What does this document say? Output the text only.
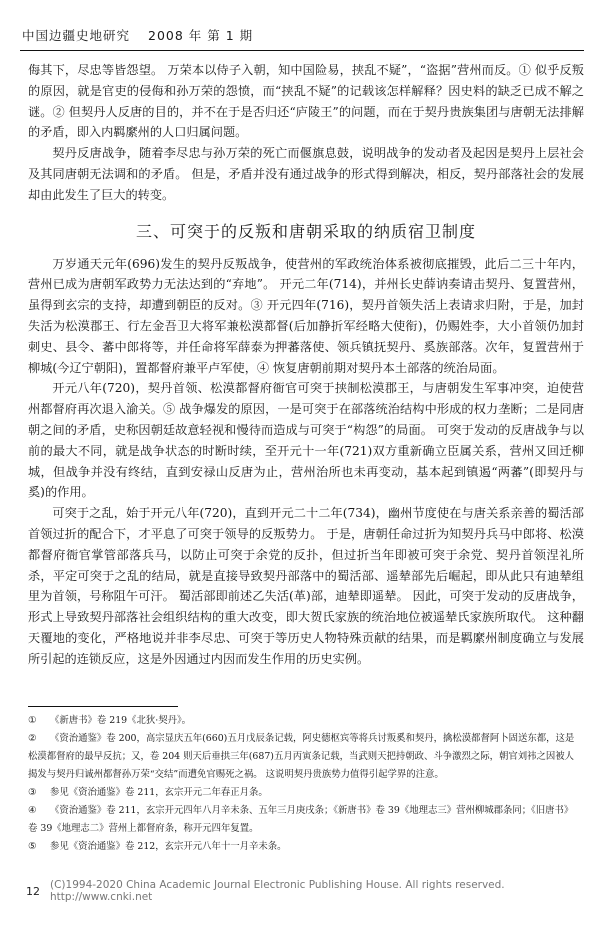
中国边疆史地研究 2008 年 第 1 期

侮其下，尽忠等皆怨望。 万荣本以侍子入朝，知中国险易，挟乱不疑”，“盗据”营州而反。① 似乎反叛的原因，就是官吏的侵侮和孙万荣的怨愤，而“挟乱不疑”的记载该怎样解释？因史料的缺乏已成不解之谜。② 但契丹人反唐的目的，并不在于是否归还“庐陵王”的问题，而在于契丹贵族集团与唐朝无法排解的矛盾，即入内羁縻州的人口归属问题。

契丹反唐战争，随着李尽忠与孙万荣的死亡而偃旗息鼓，说明战争的发动者及起因是契丹上层社会及其同唐朝无法调和的矛盾。 但是，矛盾并没有通过战争的形式得到解决，相反，契丹部落社会的发展却由此发生了巨大的转变。

三、可突于的反叛和唐朝采取的纳质宿卫制度

万岁通天元年(696)发生的契丹反叛战争，使营州的军政统治体系被彻底摧毁，此后二三十年内，营州已成为唐朝军政势力无法达到的“弃地”。 开元二年(714)，并州长史薛讷奏请击契丹、复置营州，虽得到玄宗的支持，却遭到朝臣的反对。③ 开元四年(716)，契丹首领失活上表请求归附，于是，加封失活为松漠郡王、行左金吾卫大将军兼松漠都督(后加静折军经略大使衔)，仍赐姓李，大小首领仍加封刺史、县令、蕃中郎将等，并任命将军薛泰为押蕃落使、领兵镇抚契丹、奚族部落。次年，复置营州于柳城(今辽宁朝阳)，置都督府兼平卢军使，④ 恢复唐朝前期对契丹本土部落的统治局面。

开元八年(720)，契丹首领、松漠都督府衙官可突于挟制松漠郡王，与唐朝发生军事冲突，迫使营州都督府再次退入渝关。⑤ 战争爆发的原因，一是可突于在部落统治结构中形成的权力垄断；二是同唐朝之间的矛盾，史称因朝廷故意轻视和慢待而造成与可突于“构怨”的局面。 可突于发动的反唐战争与以前的最大不同，就是战争状态的时断时续，至开元十一年(721)双方重新确立臣属关系，营州又回迁柳城，但战争并没有终结，直到安禄山反唐为止，营州治所也未再变动，基本起到镇遏“两蕃”(即契丹与奚)的作用。

可突于之乱，始于开元八年(720)，直到开元二十二年(734)，幽州节度使在与唐关系亲善的蜀活部首领过折的配合下，才平息了可突于领导的反叛势力。 于是，唐朝任命过折为知契丹兵马中郎将、松漠都督府衙官掌管部落兵马，以防止可突于余党的反扑，但过折当年即被可突于余党、契丹首领涅礼所杀，平定可突于之乱的结局，就是直接导致契丹部落中的蜀活部、遥辇部先后崛起，即从此只有迪辇组里为首领，号称阻午可汗。 蜀活部即前述乙失活(革)部，迪辇即遥辇。 因此，可突于发动的反唐战争，形式上导致契丹部落社会组织结构的重大改变，即大贺氏家族的统治地位被遥辇氏家族所取代。 这种翻天覆地的变化，严格地说并非李尽忠、可突于等历史人物特殊贡献的结果，而是羁縻州制度确立与发展所引起的连锁反应，这是外因通过内因而发生作用的历史实例。

① 《新唐书》卷 219《北狄·契丹》。

② 《资治通鉴》卷 200，高宗显庆五年(660)五月戊辰条记载，阿史德枢宾等将兵讨叛奚和契丹，擒松漠都督阿卜固送东都，这是松漠都督府的最早反抗；又，卷 204 则天后垂拱三年(687)五月丙寅条记载，当武则天把持朝政、斗争激烈之际，朝官刘祎之因被人揭发与契丹归诚州都督孙万荣“交结”而遭免官赐死之祸。 这说明契丹贵族势力值得引起学界的注意。

③ 参见《资治通鉴》卷 211，玄宗开元二年春正月条。

④ 《资治通鉴》卷 211，玄宗开元四年八月辛未条、五年三月庚戌条；《新唐书》卷 39《地理志三》营州柳城郡条同；《旧唐书》卷 39《地理志二》营州上都督府条，称开元四年复置。

⑤ 参见《资治通鉴》卷 212，玄宗开元八年十一月辛未条。

12 (C)1994-2020 China Academic Journal Electronic Publishing House. All rights reserved. http://www.cnki.net
